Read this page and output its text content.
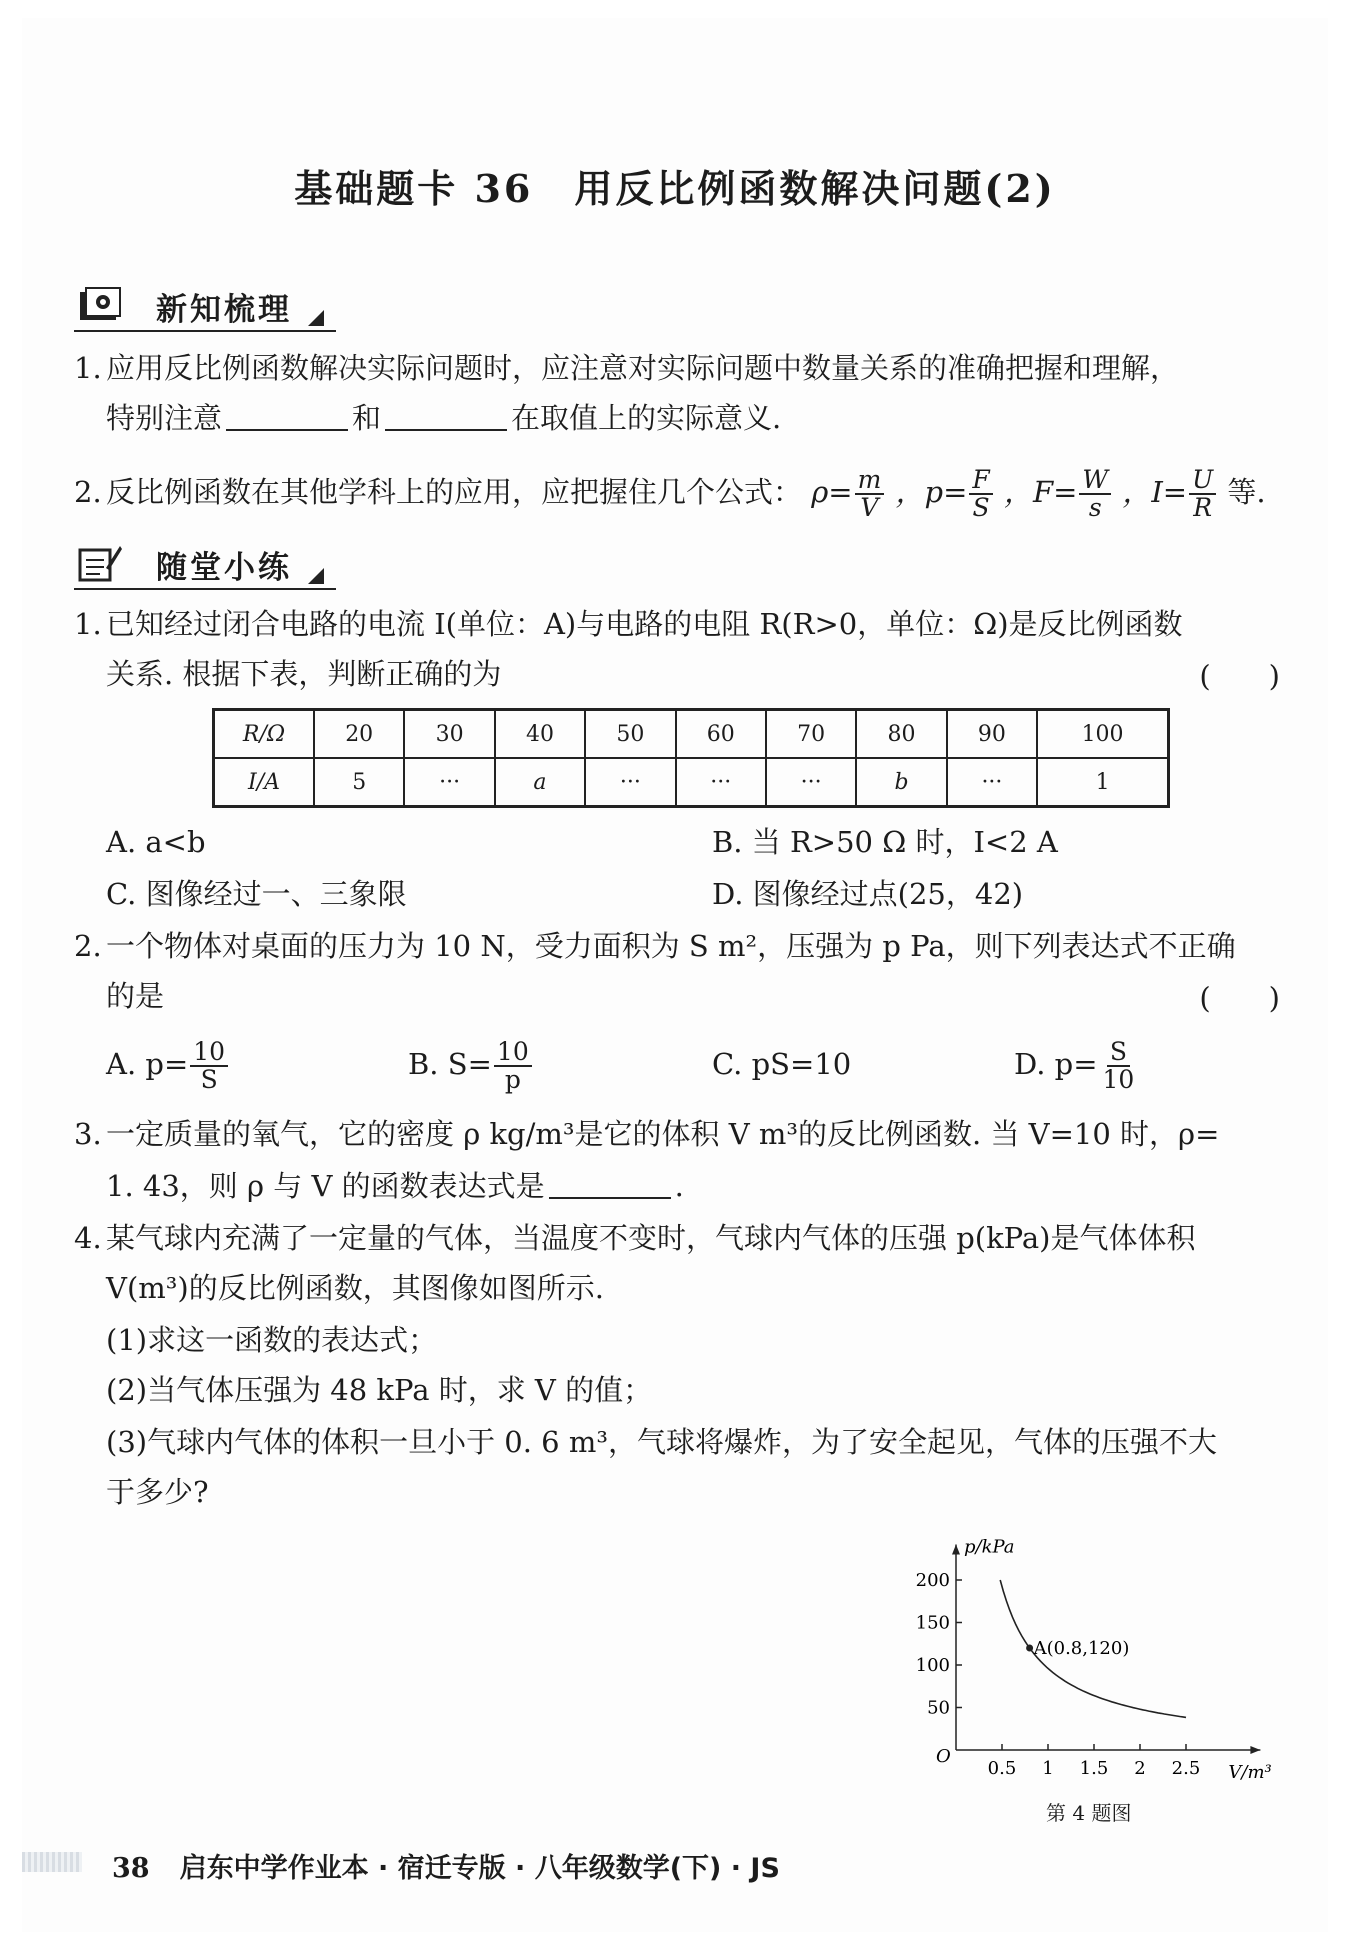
基础题卡 36　用反比例函数解决问题(2)
新知梳理
1. 应用反比例函数解决实际问题时，应注意对实际问题中数量关系的准确把握和理解，
特别注意	和	在取值上的实际意义.
2. 反比例函数在其他学科上的应用，应把握住几个公式： $\rho= \frac{m}{V}$ ，$p= \frac{F}{S}$ ，$F= \frac{W}{s}$ ，$I= \frac{U}{R}$ 等.
随堂小练
1. 已知经过闭合电路的电流 I(单位：A)与电路的电阻 R(R>0，单位：Ω)是反比例函数
关系. 根据下表，判断正确的为	(　　)
R/Ω	20	30	40	50	60	70	80	90	100
I/A	5	···	a	···	···	···	b	···	1
A. a<b	B. 当 R>50 Ω 时，I<2 A
C. 图像经过一、三象限	D. 图像经过点(25，42)
2. 一个物体对桌面的压力为 10 N，受力面积为 S m²，压强为 p Pa，则下列表达式不正确
的是	(　　)
A. $p= \frac{10}{S}$	B. $S= \frac{10}{p}$	C. pS=10	D. $p= \frac{S}{10}$
3. 一定质量的氧气，它的密度 ρ kg/m³是它的体积 V m³的反比例函数. 当 V=10 时，ρ=
1. 43，则 ρ 与 V 的函数表达式是	.
4. 某气球内充满了一定量的气体，当温度不变时，气球内气体的压强 p(kPa)是气体体积
V(m³)的反比例函数，其图像如图所示.
(1)求这一函数的表达式；
(2)当气体压强为 48 kPa 时，求 V 的值；
(3)气球内气体的体积一旦小于 0. 6 m³，气球将爆炸，为了安全起见，气体的压强不大
于多少?
p/kPa
V/m³
O
0.5 1 1.5 2 2.5
50
100
150
200
A(0.8,120)
第 4 题图
38 启东中学作业本 · 宿迁专版 · 八年级数学(下) · JS
